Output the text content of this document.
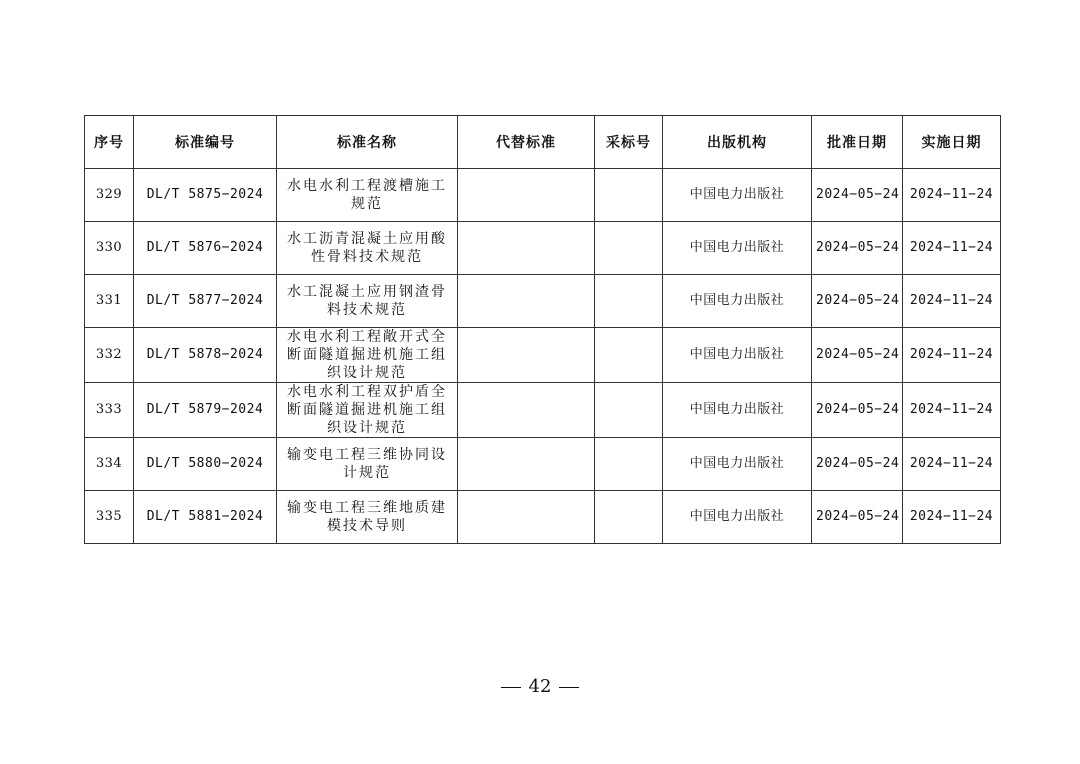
序号	标准编号	标准名称	代替标准	采标号	出版机构	批准日期	实施日期
329	DL/T 5875−2024	水电水利工程渡槽施工规范			中国电力出版社	2024−05−24	2024−11−24
330	DL/T 5876−2024	水工沥青混凝土应用酸性骨料技术规范			中国电力出版社	2024−05−24	2024−11−24
331	DL/T 5877−2024	水工混凝土应用钢渣骨料技术规范			中国电力出版社	2024−05−24	2024−11−24
332	DL/T 5878−2024	水电水利工程敞开式全断面隧道掘进机施工组织设计规范			中国电力出版社	2024−05−24	2024−11−24
333	DL/T 5879−2024	水电水利工程双护盾全断面隧道掘进机施工组织设计规范			中国电力出版社	2024−05−24	2024−11−24
334	DL/T 5880−2024	输变电工程三维协同设计规范			中国电力出版社	2024−05−24	2024−11−24
335	DL/T 5881−2024	输变电工程三维地质建模技术导则			中国电力出版社	2024−05−24	2024−11−24
42
